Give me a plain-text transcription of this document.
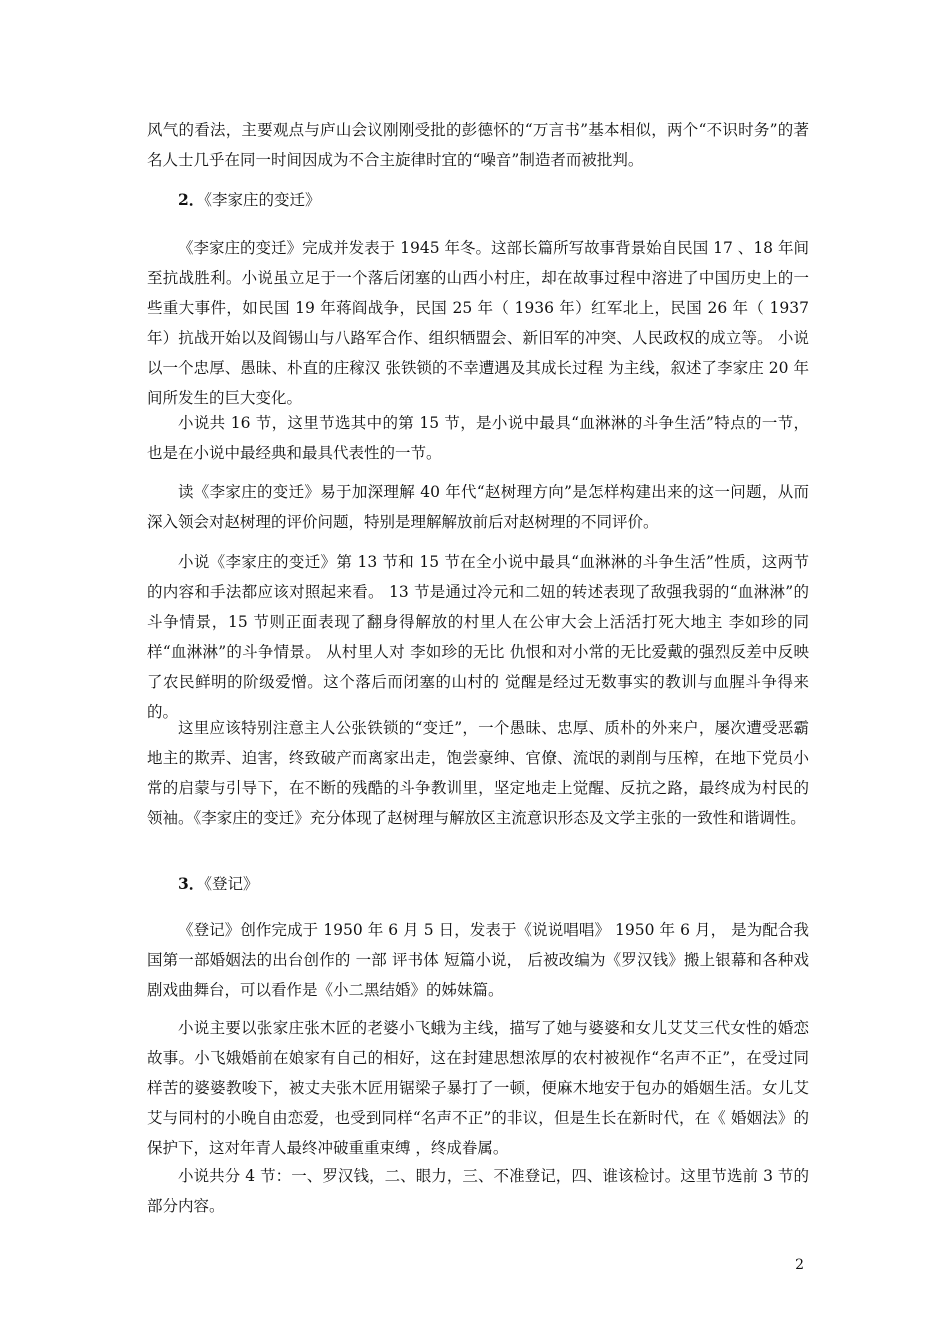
风气的看法，主要观点与庐山会议刚刚受批的彭德怀的“万言书”基本相似，两个“不识时务”的著名人士几乎在同一时间因成为不合主旋律时宜的“噪音”制造者而被批判。

2．《李家庄的变迁》

《李家庄的变迁》完成并发表于 1945 年冬。这部长篇所写故事背景始自民国 17 、18 年间至抗战胜利。小说虽立足于一个落后闭塞的山西小村庄，却在故事过程中溶进了中国历史上的一些重大事件，如民国 19 年蒋阎战争，民国 25 年（ 1936 年）红军北上，民国 26 年（ 1937 年）抗战开始以及阎锡山与八路军合作、组织牺盟会、新旧军的冲突、人民政权的成立等。 小说以一个忠厚、愚昧、朴直的庄稼汉 张铁锁的不幸遭遇及其成长过程 为主线，叙述了李家庄 20 年间所发生的巨大变化。

小说共 16 节，这里节选其中的第 15 节，是小说中最具“血淋淋的斗争生活”特点的一节，也是在小说中最经典和最具代表性的一节。

读《李家庄的变迁》易于加深理解 40 年代“赵树理方向”是怎样构建出来的这一问题，从而深入领会对赵树理的评价问题，特别是理解解放前后对赵树理的不同评价。

小说《李家庄的变迁》第 13 节和 15 节在全小说中最具“血淋淋的斗争生活”性质，这两节的内容和手法都应该对照起来看。 13 节是通过冷元和二妞的转述表现了敌强我弱的“血淋淋”的斗争情景，15 节则正面表现了翻身得解放的村里人在公审大会上活活打死大地主 李如珍的同样“血淋淋”的斗争情景。 从村里人对 李如珍的无比 仇恨和对小常的无比爱戴的强烈反差中反映了农民鲜明的阶级爱憎。这个落后而闭塞的山村的 觉醒是经过无数事实的教训与血腥斗争得来的。

这里应该特别注意主人公张铁锁的“变迁”，一个愚昧、忠厚、质朴的外来户，屡次遭受恶霸地主的欺弄、迫害，终致破产而离家出走，饱尝豪绅、官僚、流氓的剥削与压榨，在地下党员小常的启蒙与引导下，在不断的残酷的斗争教训里，坚定地走上觉醒、反抗之路，最终成为村民的领袖。《李家庄的变迁》充分体现了赵树理与解放区主流意识形态及文学主张的一致性和谐调性。

3．《登记》

《登记》创作完成于 1950 年 6 月 5 日，发表于《说说唱唱》 1950 年 6 月， 是为配合我国第一部婚姻法的出台创作的 一部 评书体 短篇小说， 后被改编为《罗汉钱》搬上银幕和各种戏剧戏曲舞台，可以看作是《小二黑结婚》的姊妹篇。

小说主要以张家庄张木匠的老婆小飞蛾为主线，描写了她与婆婆和女儿艾艾三代女性的婚恋故事。小飞娥婚前在娘家有自己的相好，这在封建思想浓厚的农村被视作“名声不正”，在受过同样苦的婆婆教唆下，被丈夫张木匠用锯梁子暴打了一顿，便麻木地安于包办的婚姻生活。女儿艾艾与同村的小晚自由恋爱，也受到同样“名声不正”的非议，但是生长在新时代，在《 婚姻法》的保护下，这对年青人最终冲破重重束缚 ，终成眷属。

小说共分 4 节：一、罗汉钱，二、眼力，三、不准登记，四、谁该检讨。这里节选前 3 节的部分内容。

2
